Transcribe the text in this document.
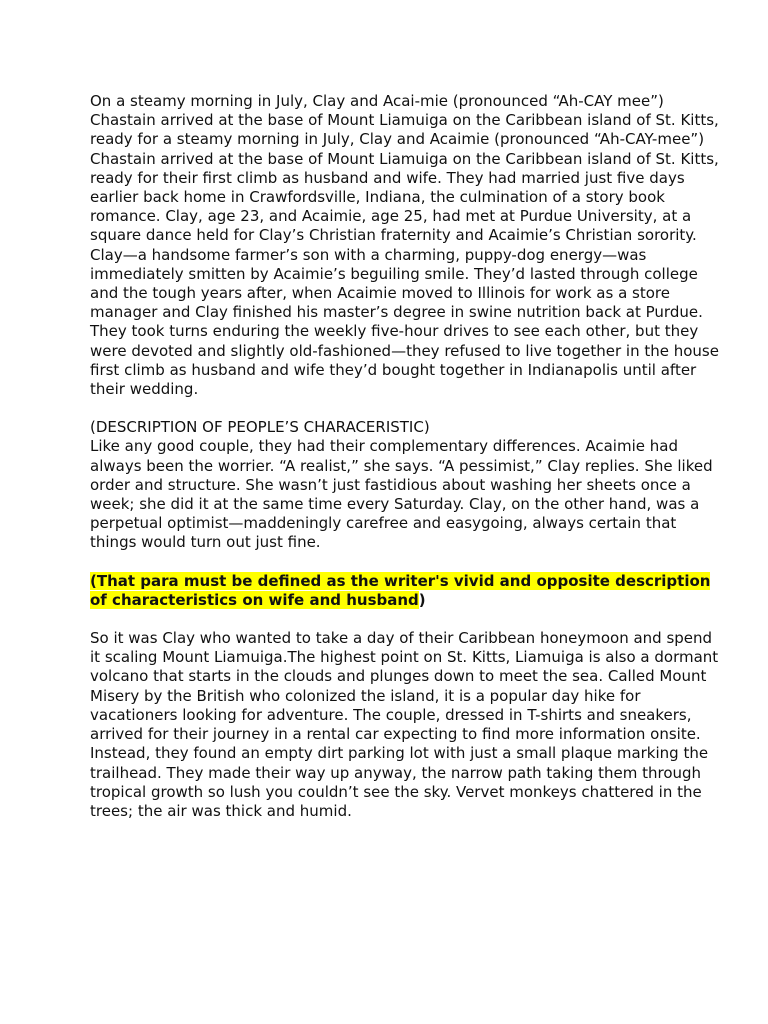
On a steamy morning in July, Clay and Acai-mie (pronounced “Ah-CAY mee”) Chastain arrived at the base of Mount Liamuiga on the Caribbean island of St. Kitts, ready for a steamy morning in July, Clay and Acaimie (pronounced “Ah-CAY-mee”) Chastain arrived at the base of Mount Liamuiga on the Caribbean island of St. Kitts, ready for their first climb as husband and wife. They had married just five days earlier back home in Crawfordsville, Indiana, the culmination of a story book romance. Clay, age 23, and Acaimie, age 25, had met at Purdue University, at a square dance held for Clay’s Christian fraternity and Acaimie’s Christian sorority. Clay—a handsome farmer’s son with a charming, puppy-dog energy—was immediately smitten by Acaimie’s beguiling smile. They’d lasted through college and the tough years after, when Acaimie moved to Illinois for work as a store manager and Clay finished his master’s degree in swine nutrition back at Purdue. They took turns enduring the weekly five-hour drives to see each other, but they were devoted and slightly old-fashioned—they refused to live together in the house first climb as husband and wife they’d bought together in Indianapolis until after their wedding.

(DESCRIPTION OF PEOPLE’S CHARACERISTIC)

Like any good couple, they had their complementary differences. Acaimie had always been the worrier. “A realist,” she says. “A pessimist,” Clay replies. She liked order and structure. She wasn’t just fastidious about washing her sheets once a week; she did it at the same time every Saturday. Clay, on the other hand, was a perpetual optimist—maddeningly carefree and easygoing, always certain that things would turn out just fine.

(That para must be defined as the writer's vivid and opposite description of characteristics on wife and husband)

So it was Clay who wanted to take a day of their Caribbean honeymoon and spend it scaling Mount Liamuiga.The highest point on St. Kitts, Liamuiga is also a dormant volcano that starts in the clouds and plunges down to meet the sea. Called Mount Misery by the British who colonized the island, it is a popular day hike for vacationers looking for adventure. The couple, dressed in T-shirts and sneakers, arrived for their journey in a rental car expecting to find more information onsite. Instead, they found an empty dirt parking lot with just a small plaque marking the trailhead. They made their way up anyway, the narrow path taking them through tropical growth so lush you couldn’t see the sky. Vervet monkeys chattered in the trees; the air was thick and humid.
